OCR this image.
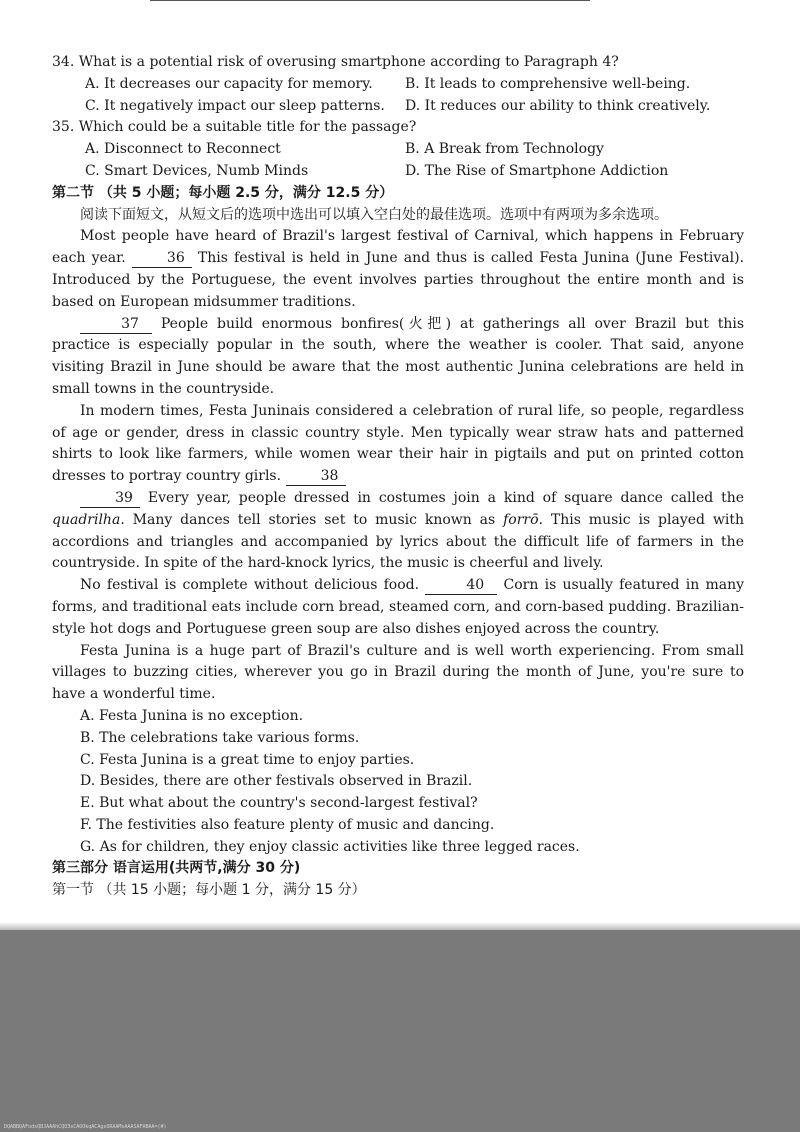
34. What is a potential risk of overusing smartphone according to Paragraph 4?
A. It decreases our capacity for memory.	B. It leads to comprehensive well-being.
C. It negatively impact our sleep patterns.	D. It reduces our ability to think creatively.
35. Which could be a suitable title for the passage?
A. Disconnect to Reconnect	B. A Break from Technology
C. Smart Devices, Numb Minds	D. The Rise of Smartphone Addiction
第二节 （共 5 小题；每小题 2.5 分，满分 12.5 分）

阅读下面短文，从短文后的选项中选出可以填入空白处的最佳选项。选项中有两项为多余选项。

Most people have heard of Brazil's largest festival of Carnival, which happens in February each year.	36 This festival is held in June and thus is called Festa Junina (June Festival). Introduced by the Portuguese, the event involves parties throughout the entire month and is based on European midsummer traditions.

37 People build enormous bonfires(火把) at gatherings all over Brazil but this practice is especially popular in the south, where the weather is cooler. That said, anyone visiting Brazil in June should be aware that the most authentic Junina celebrations are held in small towns in the countryside.

In modern times, Festa Juninais considered a celebration of rural life, so people, regardless of age or gender, dress in classic country style. Men typically wear straw hats and patterned shirts to look like farmers, while women wear their hair in pigtails and put on printed cotton dresses to portray country girls.	38

39 Every year, people dressed in costumes join a kind of square dance called the quadrilha. Many dances tell stories set to music known as forrō. This music is played with accordions and triangles and accompanied by lyrics about the difficult life of farmers in the countryside. In spite of the hard-knock lyrics, the music is cheerful and lively.

No festival is complete without delicious food.	40 Corn is usually featured in many forms, and traditional eats include corn bread, steamed corn, and corn-based pudding. Brazilian-style hot dogs and Portuguese green soup are also dishes enjoyed across the country.

Festa Junina is a huge part of Brazil's culture and is well worth experiencing. From small villages to buzzing cities, wherever you go in Brazil during the month of June, you're sure to have a wonderful time.

A. Festa Junina is no exception.
B. The celebrations take various forms.
C. Festa Junina is a great time to enjoy parties.
D. Besides, there are other festivals observed in Brazil.
E. But what about the country's second-largest festival?
F. The festivities also feature plenty of music and dancing.
G. As for children, they enjoy classic activities like three legged races.
第三部分 语言运用(共两节,满分 30 分)
第一节 （共 15 小题；每小题 1 分，满分 15 分）
DQABBQAFodsQBJAAAhCQO3sCAOOkqACAgsORAAMsAAASAFABAA=(#)
